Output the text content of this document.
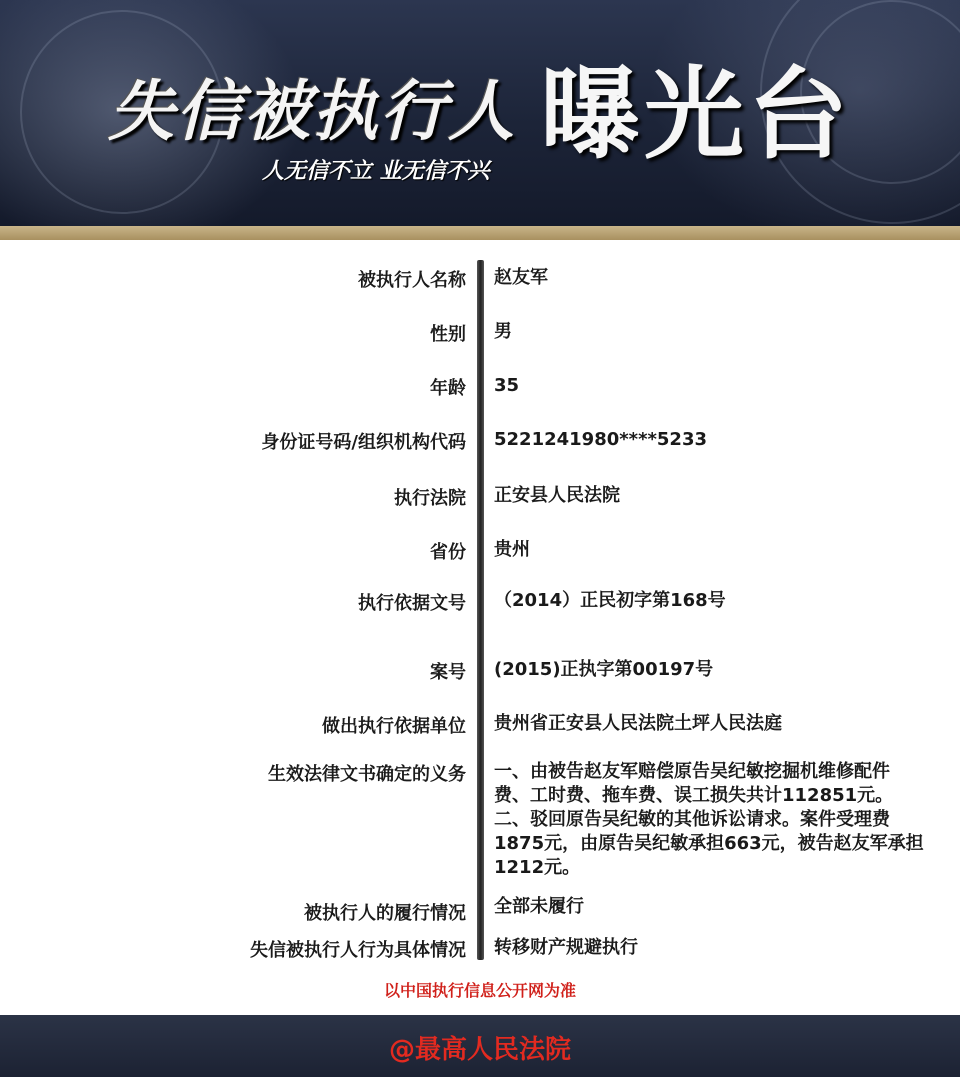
失信被执行人 曝光台
人无信不立 业无信不兴
被执行人名称 赵友军
性别 男
年龄 35
身份证号码/组织机构代码 5221241980****5233
执行法院 正安县人民法院
省份 贵州
执行依据文号 （2014）正民初字第168号
案号 (2015)正执字第00197号
做出执行依据单位 贵州省正安县人民法院土坪人民法庭
生效法律文书确定的义务 一、由被告赵友军赔偿原告吴纪敏挖掘机维修配件费、工时费、拖车费、误工损失共计112851元。二、驳回原告吴纪敏的其他诉讼请求。案件受理费1875元，由原告吴纪敏承担663元，被告赵友军承担1212元。
被执行人的履行情况 全部未履行
失信被执行人行为具体情况 转移财产规避执行
以中国执行信息公开网为准
@最高人民法院
